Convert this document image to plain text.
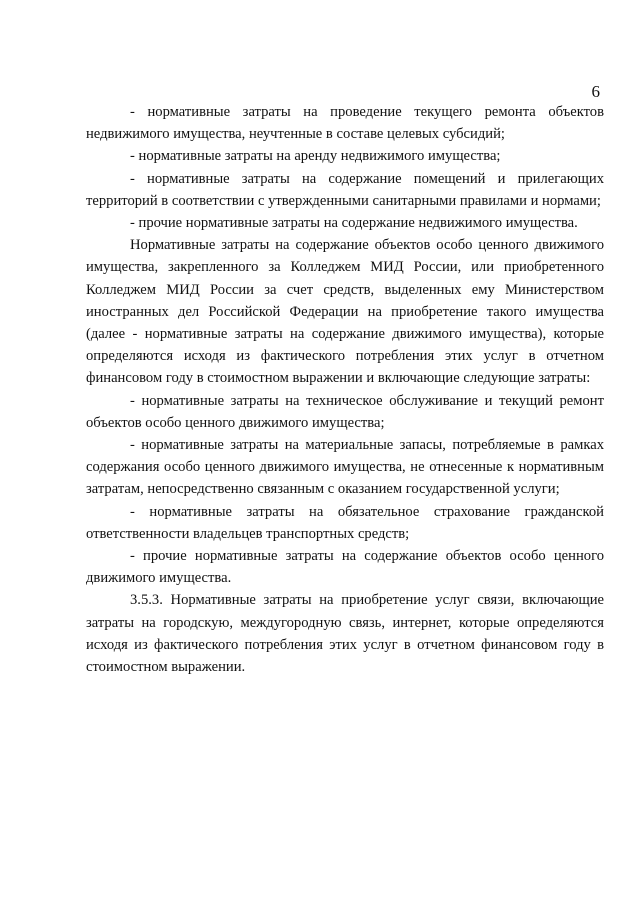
6

- нормативные затраты на проведение текущего ремонта объектов недвижимого имущества, неучтенные в составе целевых субсидий;

- нормативные затраты на аренду недвижимого имущества;

- нормативные затраты на содержание помещений и прилегающих территорий в соответствии с утвержденными санитарными правилами и нормами;

- прочие нормативные затраты на содержание недвижимого имущества.

Нормативные затраты на содержание объектов особо ценного движимого имущества, закрепленного за Колледжем МИД России, или приобретенного Колледжем МИД России за счет средств, выделенных ему Министерством иностранных дел Российской Федерации на приобретение такого имущества (далее - нормативные затраты на содержание движимого имущества), которые определяются исходя из фактического потребления этих услуг в отчетном финансовом году в стоимостном выражении и включающие следующие затраты:

- нормативные затраты на техническое обслуживание и текущий ремонт объектов особо ценного движимого имущества;

- нормативные затраты на материальные запасы, потребляемые в рамках содержания особо ценного движимого имущества, не отнесенные к нормативным затратам, непосредственно связанным с оказанием государственной услуги;

- нормативные затраты на обязательное страхование гражданской ответственности владельцев транспортных средств;

- прочие нормативные затраты на содержание объектов особо ценного движимого имущества.

3.5.3. Нормативные затраты на приобретение услуг связи, включающие затраты на городскую, междугородную связь, интернет, которые определяются исходя из фактического потребления этих услуг в отчетном финансовом году в стоимостном выражении.
